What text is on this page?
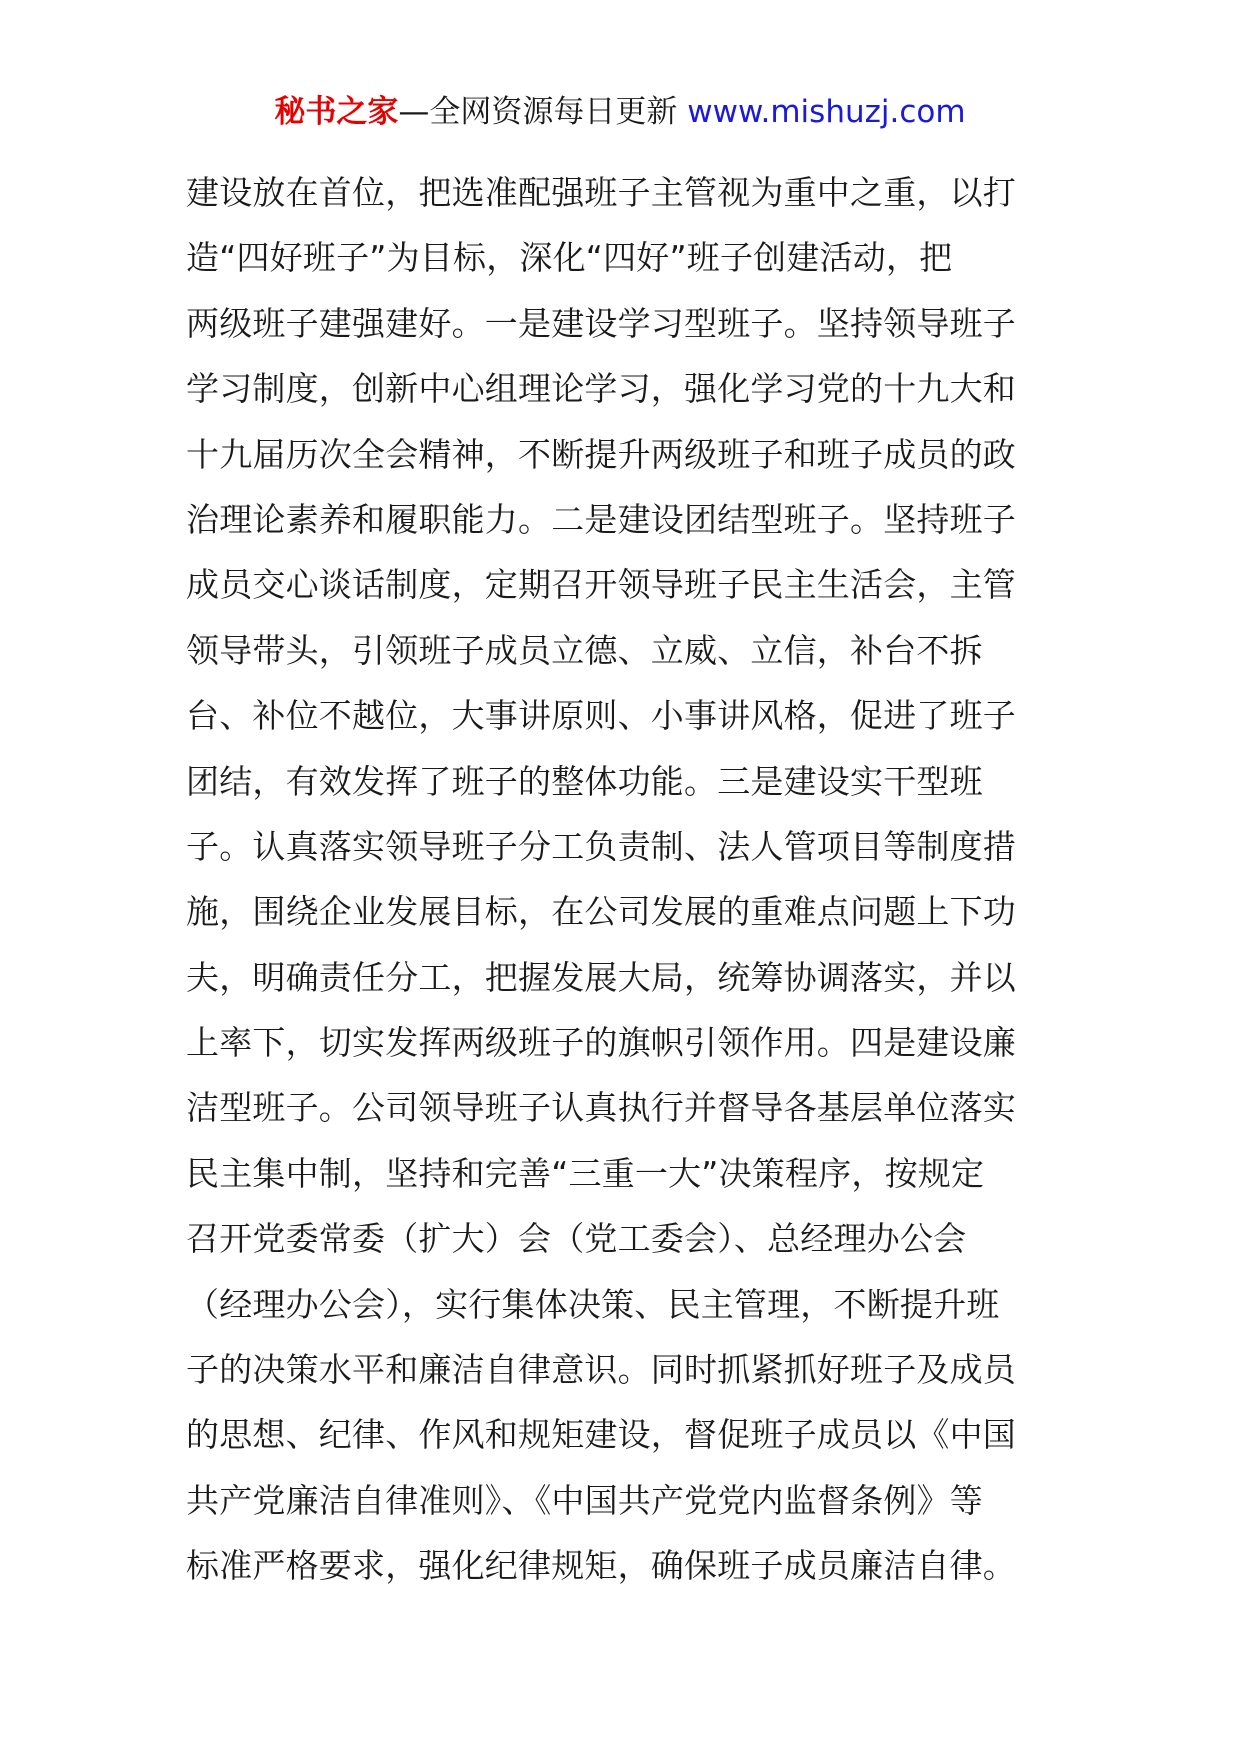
秘书之家—全网资源每日更新 www.mishuzj.com
建设放在首位，把选准配强班子主管视为重中之重，以打
造“四好班子”为目标，深化“四好”班子创建活动，把
两级班子建强建好。一是建设学习型班子。坚持领导班子
学习制度，创新中心组理论学习，强化学习党的十九大和
十九届历次全会精神，不断提升两级班子和班子成员的政
治理论素养和履职能力。二是建设团结型班子。坚持班子
成员交心谈话制度，定期召开领导班子民主生活会，主管
领导带头，引领班子成员立德、立威、立信，补台不拆
台、补位不越位，大事讲原则、小事讲风格，促进了班子
团结，有效发挥了班子的整体功能。三是建设实干型班
子。认真落实领导班子分工负责制、法人管项目等制度措
施，围绕企业发展目标，在公司发展的重难点问题上下功
夫，明确责任分工，把握发展大局，统筹协调落实，并以
上率下，切实发挥两级班子的旗帜引领作用。四是建设廉
洁型班子。公司领导班子认真执行并督导各基层单位落实
民主集中制，坚持和完善“三重一大”决策程序，按规定
召开党委常委（扩大）会（党工委会）、总经理办公会
（经理办公会），实行集体决策、民主管理，不断提升班
子的决策水平和廉洁自律意识。同时抓紧抓好班子及成员
的思想、纪律、作风和规矩建设，督促班子成员以《中国
共产党廉洁自律准则》、《中国共产党党内监督条例》等
标准严格要求，强化纪律规矩，确保班子成员廉洁自律。
